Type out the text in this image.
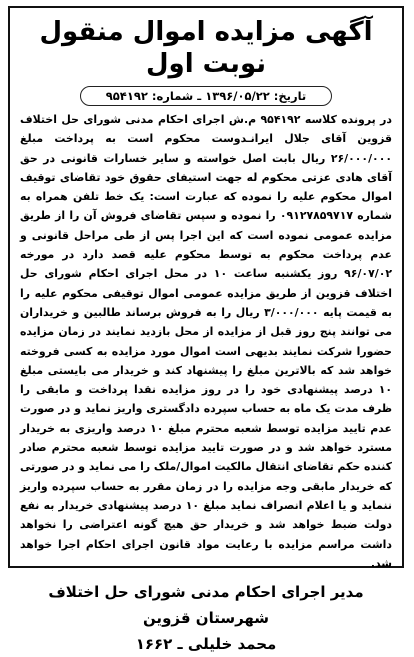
آگهی مزایده اموال منقول نوبت اول
تاریخ: ۱۳۹۶/۰۵/۲۲ ـ شماره: ۹۵۴۱۹۲
در پرونده کلاسه ۹۵۴۱۹۲ م.ش اجرای احکام مدنی شورای حل اختلاف قزوین آقای جلال ایرانـدوست محکوم است به پرداخت مبلغ ۲۶/۰۰۰/۰۰۰ ریال بابت اصل خواسته و سایر خسارات قانونی در حق آقای هادی عزتی محکوم له جهت استیفای حقوق خود تقاضای توقیف اموال محکوم علیه را نموده که عبارت است: یک خط تلفن همراه به شماره ۰۹۱۲۷۸۵۹۷۱۷ را نموده و سپس تقاضای فروش آن را از طریق مزایده عمومی نموده است که این اجرا پس از طی مراحل قانونی و عدم پرداخت محکوم به توسط محکوم علیه قصد دارد در مورخه ۹۶/۰۷/۰۲ روز یکشنبه ساعت ۱۰ در محل اجرای احکام شورای حل اختلاف قزوین از طریق مزایده عمومی اموال توقیفی محکوم علیه را به قیمت پایه ۳/۰۰۰/۰۰۰ ریال را به فروش برساند طالبین و خریداران می توانند پنج روز قبل از مزایده از محل بازدید نمایند در زمان مزایده حضورا شرکت نمایند بدیهی است اموال مورد مزایده به کسی فروخته خواهد شد که بالاترین مبلغ را پیشنهاد کند و خریدار می بایستی مبلغ ۱۰ درصد پیشنهادی خود را در روز مزایده نقدا پرداخت و مابقی را ظرف مدت یک ماه به حساب سپرده دادگستری واریز نماید و در صورت عدم تایید مزایده توسط شعبه محترم مبلغ ۱۰ درصد واریزی به خریدار مسترد خواهد شد و در صورت تایید مزایده توسط شعبه محترم صادر کننده حکم تقاضای انتقال مالکیت اموال/ملک را می نماید و در صورتی که خریدار مابقی وجه مزایده را در زمان مقرر به حساب سپرده واریز ننماید و یا اعلام انصراف نماید مبلغ ۱۰ درصد پیشنهادی خریدار به نفع دولت ضبط خواهد شد و خریدار حق هیچ گونه اعتراضی را نخواهد داشت مراسم مزایده با رعایت مواد قانون اجرای احکام اجرا خواهد شد.
مدیر اجرای احکام مدنی شورای حل اختلاف شهرستان قزوین
محمد خلیلی ـ ۱۶۶۲
